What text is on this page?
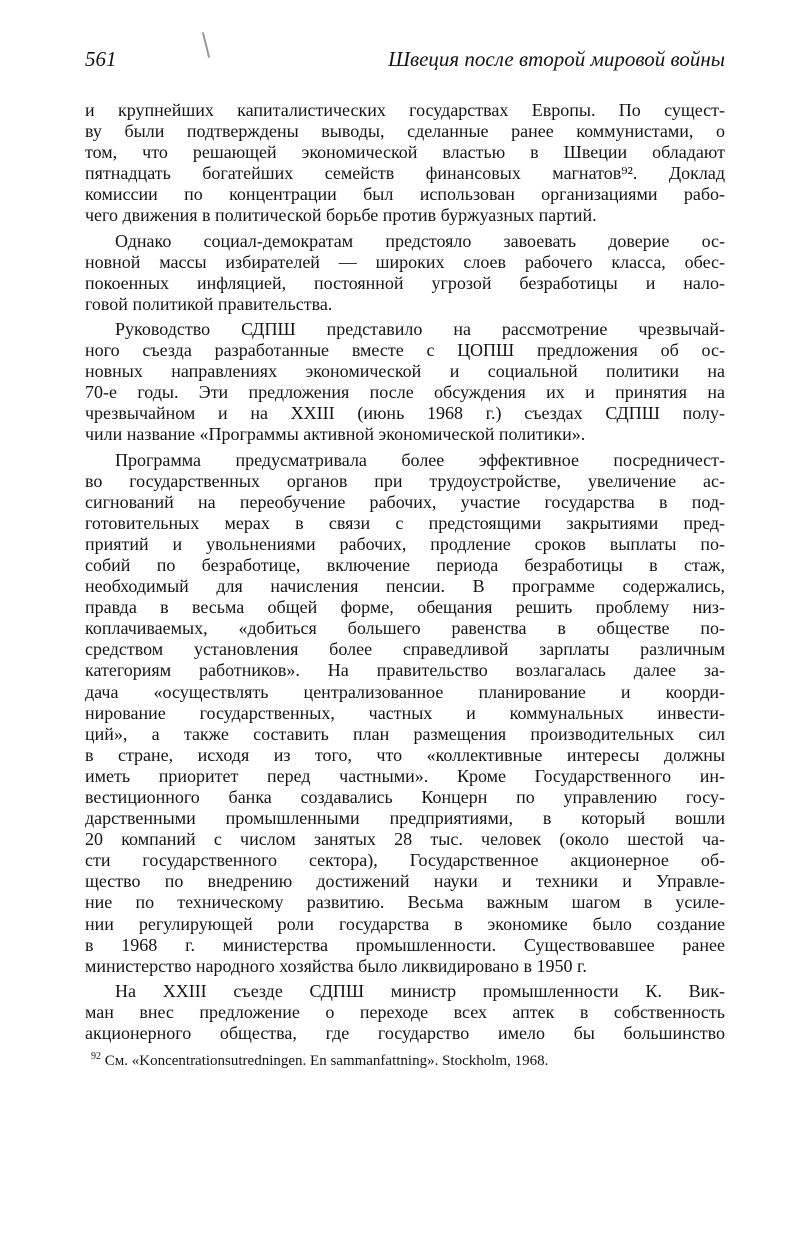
561	Швеция после второй мировой войны
и крупнейших капиталистических государствах Европы. По сущест-
ву были подтверждены выводы, сделанные ранее коммунистами, о
том, что решающей экономической властью в Швеции обладают
пятнадцать богатейших семейств финансовых магнатов⁹². Доклад
комиссии по концентрации был использован организациями рабо-
чего движения в политической борьбе против буржуазных партий.
Однако социал-демократам предстояло завоевать доверие ос-
новной массы избирателей — широких слоев рабочего класса, обес-
покоенных инфляцией, постоянной угрозой безработицы и нало-
говой политикой правительства.
Руководство СДПШ представило на рассмотрение чрезвычай-
ного съезда разработанные вместе с ЦОПШ предложения об ос-
новных направлениях экономической и социальной политики на
70-е годы. Эти предложения после обсуждения их и принятия на
чрезвычайном и на XXIII (июнь 1968 г.) съездах СДПШ полу-
чили название «Программы активной экономической политики».
Программа предусматривала более эффективное посредничест-
во государственных органов при трудоустройстве, увеличение ас-
сигнований на переобучение рабочих, участие государства в под-
готовительных мерах в связи с предстоящими закрытиями пред-
приятий и увольнениями рабочих, продление сроков выплаты по-
собий по безработице, включение периода безработицы в стаж,
необходимый для начисления пенсии. В программе содержались,
правда в весьма общей форме, обещания решить проблему низ-
коплачиваемых, «добиться большего равенства в обществе по-
средством установления более справедливой зарплаты различным
категориям работников». На правительство возлагалась далее за-
дача «осуществлять централизованное планирование и коорди-
нирование государственных, частных и коммунальных инвести-
ций», а также составить план размещения производительных сил
в стране, исходя из того, что «коллективные интересы должны
иметь приоритет перед частными». Кроме Государственного ин-
вестиционного банка создавались Концерн по управлению госу-
дарственными промышленными предприятиями, в который вошли
20 компаний с числом занятых 28 тыс. человек (около шестой ча-
сти государственного сектора), Государственное акционерное об-
щество по внедрению достижений науки и техники и Управле-
ние по техническому развитию. Весьма важным шагом в усиле-
нии регулирующей роли государства в экономике было создание
в 1968 г. министерства промышленности. Существовавшее ранее
министерство народного хозяйства было ликвидировано в 1950 г.
На XXIII съезде СДПШ министр промышленности К. Вик-
ман внес предложение о переходе всех аптек в собственность
акционерного общества, где государство имело бы большинство
$^{92}$ См. «Koncentrationsutredningen. En sammanfattning». Stockholm, 1968.
